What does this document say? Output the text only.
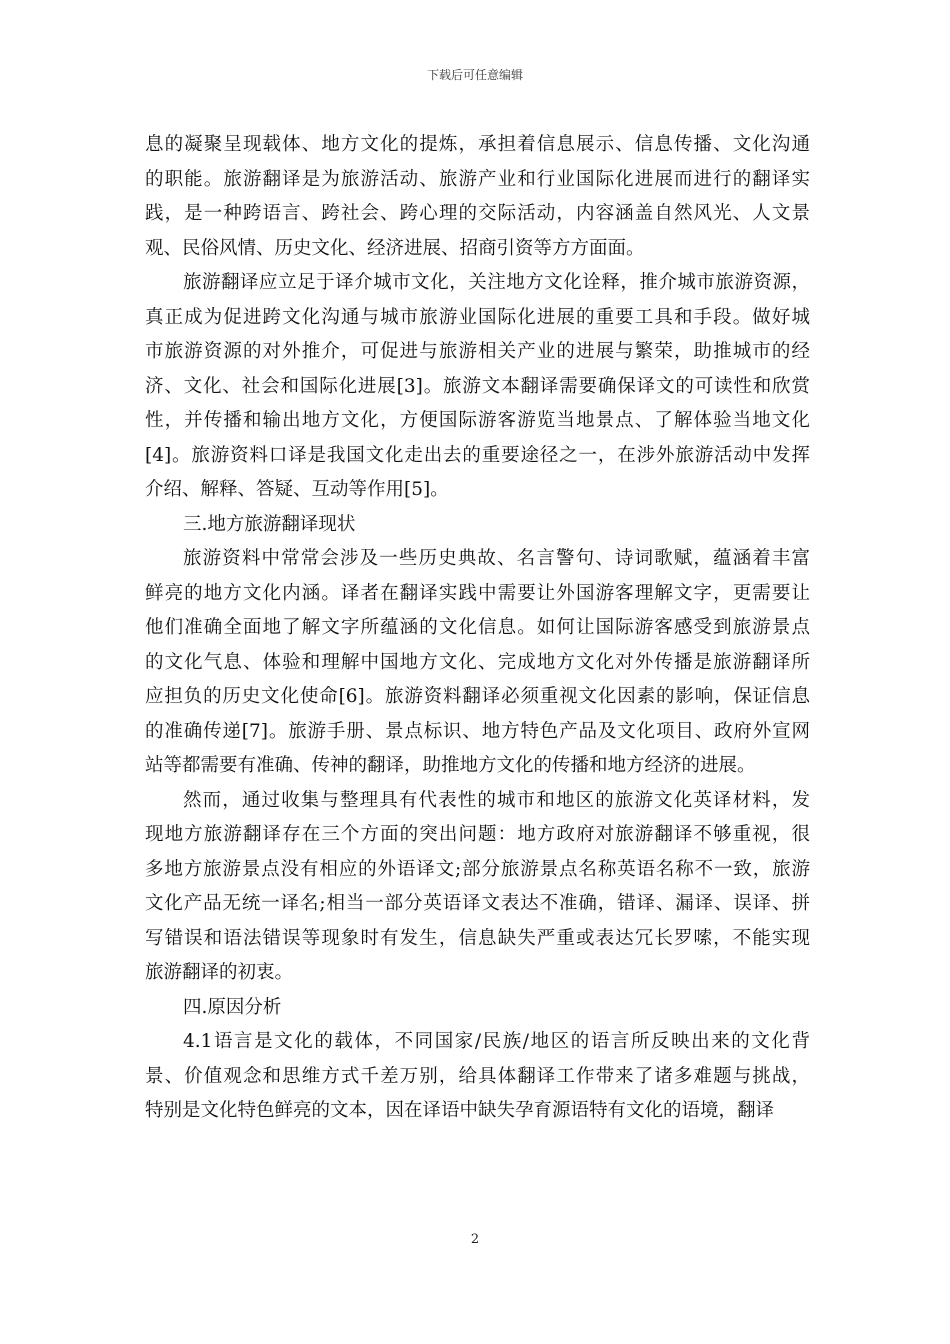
下载后可任意编辑
息的凝聚呈现载体、地方文化的提炼，承担着信息展示、信息传播、文化沟通
的职能。旅游翻译是为旅游活动、旅游产业和行业国际化进展而进行的翻译实
践，是一种跨语言、跨社会、跨心理的交际活动，内容涵盖自然风光、人文景
观、民俗风情、历史文化、经济进展、招商引资等方方面面。
旅游翻译应立足于译介城市文化，关注地方文化诠释，推介城市旅游资源，
真正成为促进跨文化沟通与城市旅游业国际化进展的重要工具和手段。做好城
市旅游资源的对外推介，可促进与旅游相关产业的进展与繁荣，助推城市的经
济、文化、社会和国际化进展[3]。旅游文本翻译需要确保译文的可读性和欣赏
性，并传播和输出地方文化，方便国际游客游览当地景点、了解体验当地文化
[4]。旅游资料口译是我国文化走出去的重要途径之一，在涉外旅游活动中发挥
介绍、解释、答疑、互动等作用[5]。
三.地方旅游翻译现状
旅游资料中常常会涉及一些历史典故、名言警句、诗词歌赋，蕴涵着丰富
鲜亮的地方文化内涵。译者在翻译实践中需要让外国游客理解文字，更需要让
他们准确全面地了解文字所蕴涵的文化信息。如何让国际游客感受到旅游景点
的文化气息、体验和理解中国地方文化、完成地方文化对外传播是旅游翻译所
应担负的历史文化使命[6]。旅游资料翻译必须重视文化因素的影响，保证信息
的准确传递[7]。旅游手册、景点标识、地方特色产品及文化项目、政府外宣网
站等都需要有准确、传神的翻译，助推地方文化的传播和地方经济的进展。
然而，通过收集与整理具有代表性的城市和地区的旅游文化英译材料，发
现地方旅游翻译存在三个方面的突出问题：地方政府对旅游翻译不够重视，很
多地方旅游景点没有相应的外语译文;部分旅游景点名称英语名称不一致，旅游
文化产品无统一译名;相当一部分英语译文表达不准确，错译、漏译、误译、拼
写错误和语法错误等现象时有发生，信息缺失严重或表达冗长罗嗦，不能实现
旅游翻译的初衷。
四.原因分析
4.1语言是文化的载体，不同国家/民族/地区的语言所反映出来的文化背
景、价值观念和思维方式千差万别，给具体翻译工作带来了诸多难题与挑战，
特别是文化特色鲜亮的文本，因在译语中缺失孕育源语特有文化的语境，翻译
2
